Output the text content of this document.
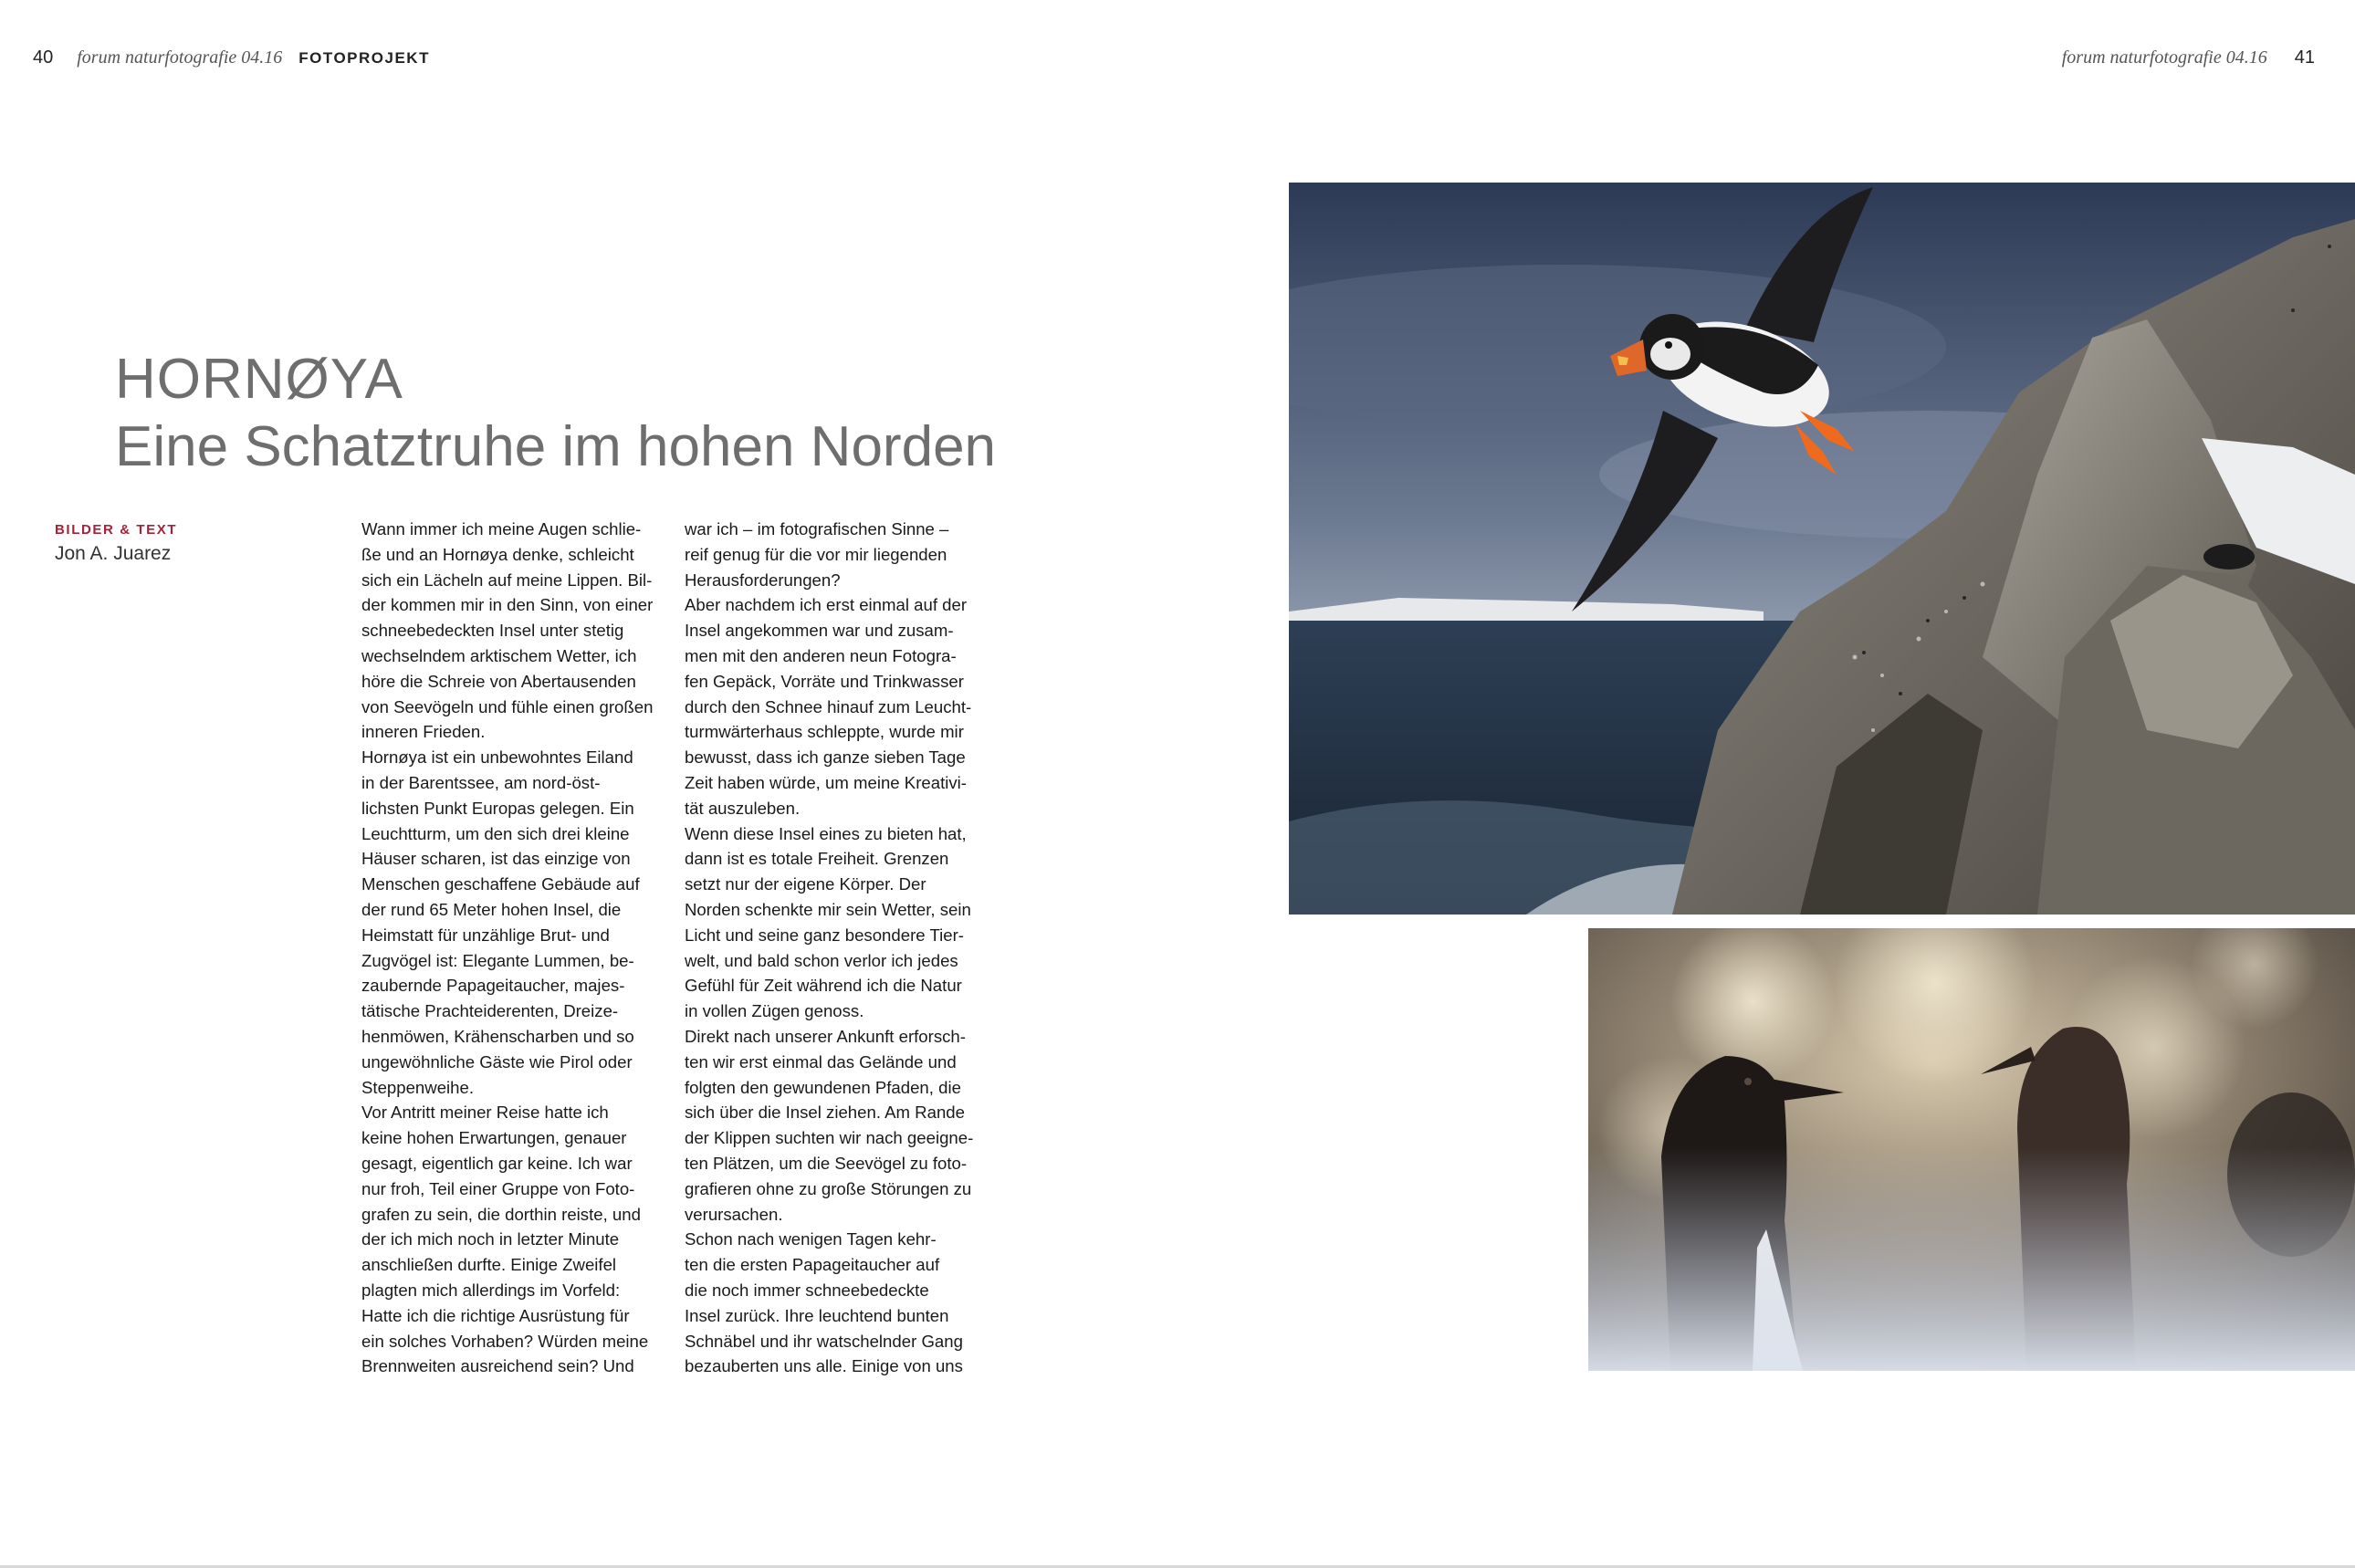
40 forum naturfotografie 04.16 FOTOPROJEKT
HORNØYA
Eine Schatztruhe im hohen Norden
BILDER & TEXT
Jon A. Juarez

Wann immer ich meine Augen schlie-

ße und an Hornøya denke, schleicht

sich ein Lächeln auf meine Lippen. Bil-

der kommen mir in den Sinn, von einer

schneebedeckten Insel unter stetig

wechselndem arktischem Wetter, ich

höre die Schreie von Abertausenden

von Seevögeln und fühle einen großen

inneren Frieden.

Hornøya ist ein unbewohntes Eiland

in der Barentssee, am nord-öst-

lichsten Punkt Europas gelegen. Ein

Leuchtturm, um den sich drei kleine

Häuser scharen, ist das einzige von

Menschen geschaffene Gebäude auf

der rund 65 Meter hohen Insel, die

Heimstatt für unzählige Brut- und

Zugvögel ist: Elegante Lummen, be-

zaubernde Papageitaucher, majes-

tätische Prachteiderenten, Dreize-

henmöwen, Krähenscharben und so

ungewöhnliche Gäste wie Pirol oder

Steppenweihe.

Vor Antritt meiner Reise hatte ich

keine hohen Erwartungen, genauer

gesagt, eigentlich gar keine. Ich war

nur froh, Teil einer Gruppe von Foto-

grafen zu sein, die dorthin reiste, und

der ich mich noch in letzter Minute

anschließen durfte. Einige Zweifel

plagten mich allerdings im Vorfeld:

Hatte ich die richtige Ausrüstung für

ein solches Vorhaben? Würden meine

Brennweiten ausreichend sein? Und

war ich – im fotografischen Sinne –

reif genug für die vor mir liegenden

Herausforderungen?

Aber nachdem ich erst einmal auf der

Insel angekommen war und zusam-

men mit den anderen neun Fotogra-

fen Gepäck, Vorräte und Trinkwasser

durch den Schnee hinauf zum Leucht-

turmwärterhaus schleppte, wurde mir

bewusst, dass ich ganze sieben Tage

Zeit haben würde, um meine Kreativi-

tät auszuleben.

Wenn diese Insel eines zu bieten hat,

dann ist es totale Freiheit. Grenzen

setzt nur der eigene Körper. Der

Norden schenkte mir sein Wetter, sein

Licht und seine ganz besondere Tier-

welt, und bald schon verlor ich jedes

Gefühl für Zeit während ich die Natur

in vollen Zügen genoss.

Direkt nach unserer Ankunft erforsch-

ten wir erst einmal das Gelände und

folgten den gewundenen Pfaden, die

sich über die Insel ziehen. Am Rande

der Klippen suchten wir nach geeigne-

ten Plätzen, um die Seevögel zu foto-

grafieren ohne zu große Störungen zu

verursachen.

Schon nach wenigen Tagen kehr-

ten die ersten Papageitaucher auf

die noch immer schneebedeckte

Insel zurück. Ihre leuchtend bunten

Schnäbel und ihr watschelnder Gang

bezauberten uns alle. Einige von uns

forum naturfotografie 04.16 41
